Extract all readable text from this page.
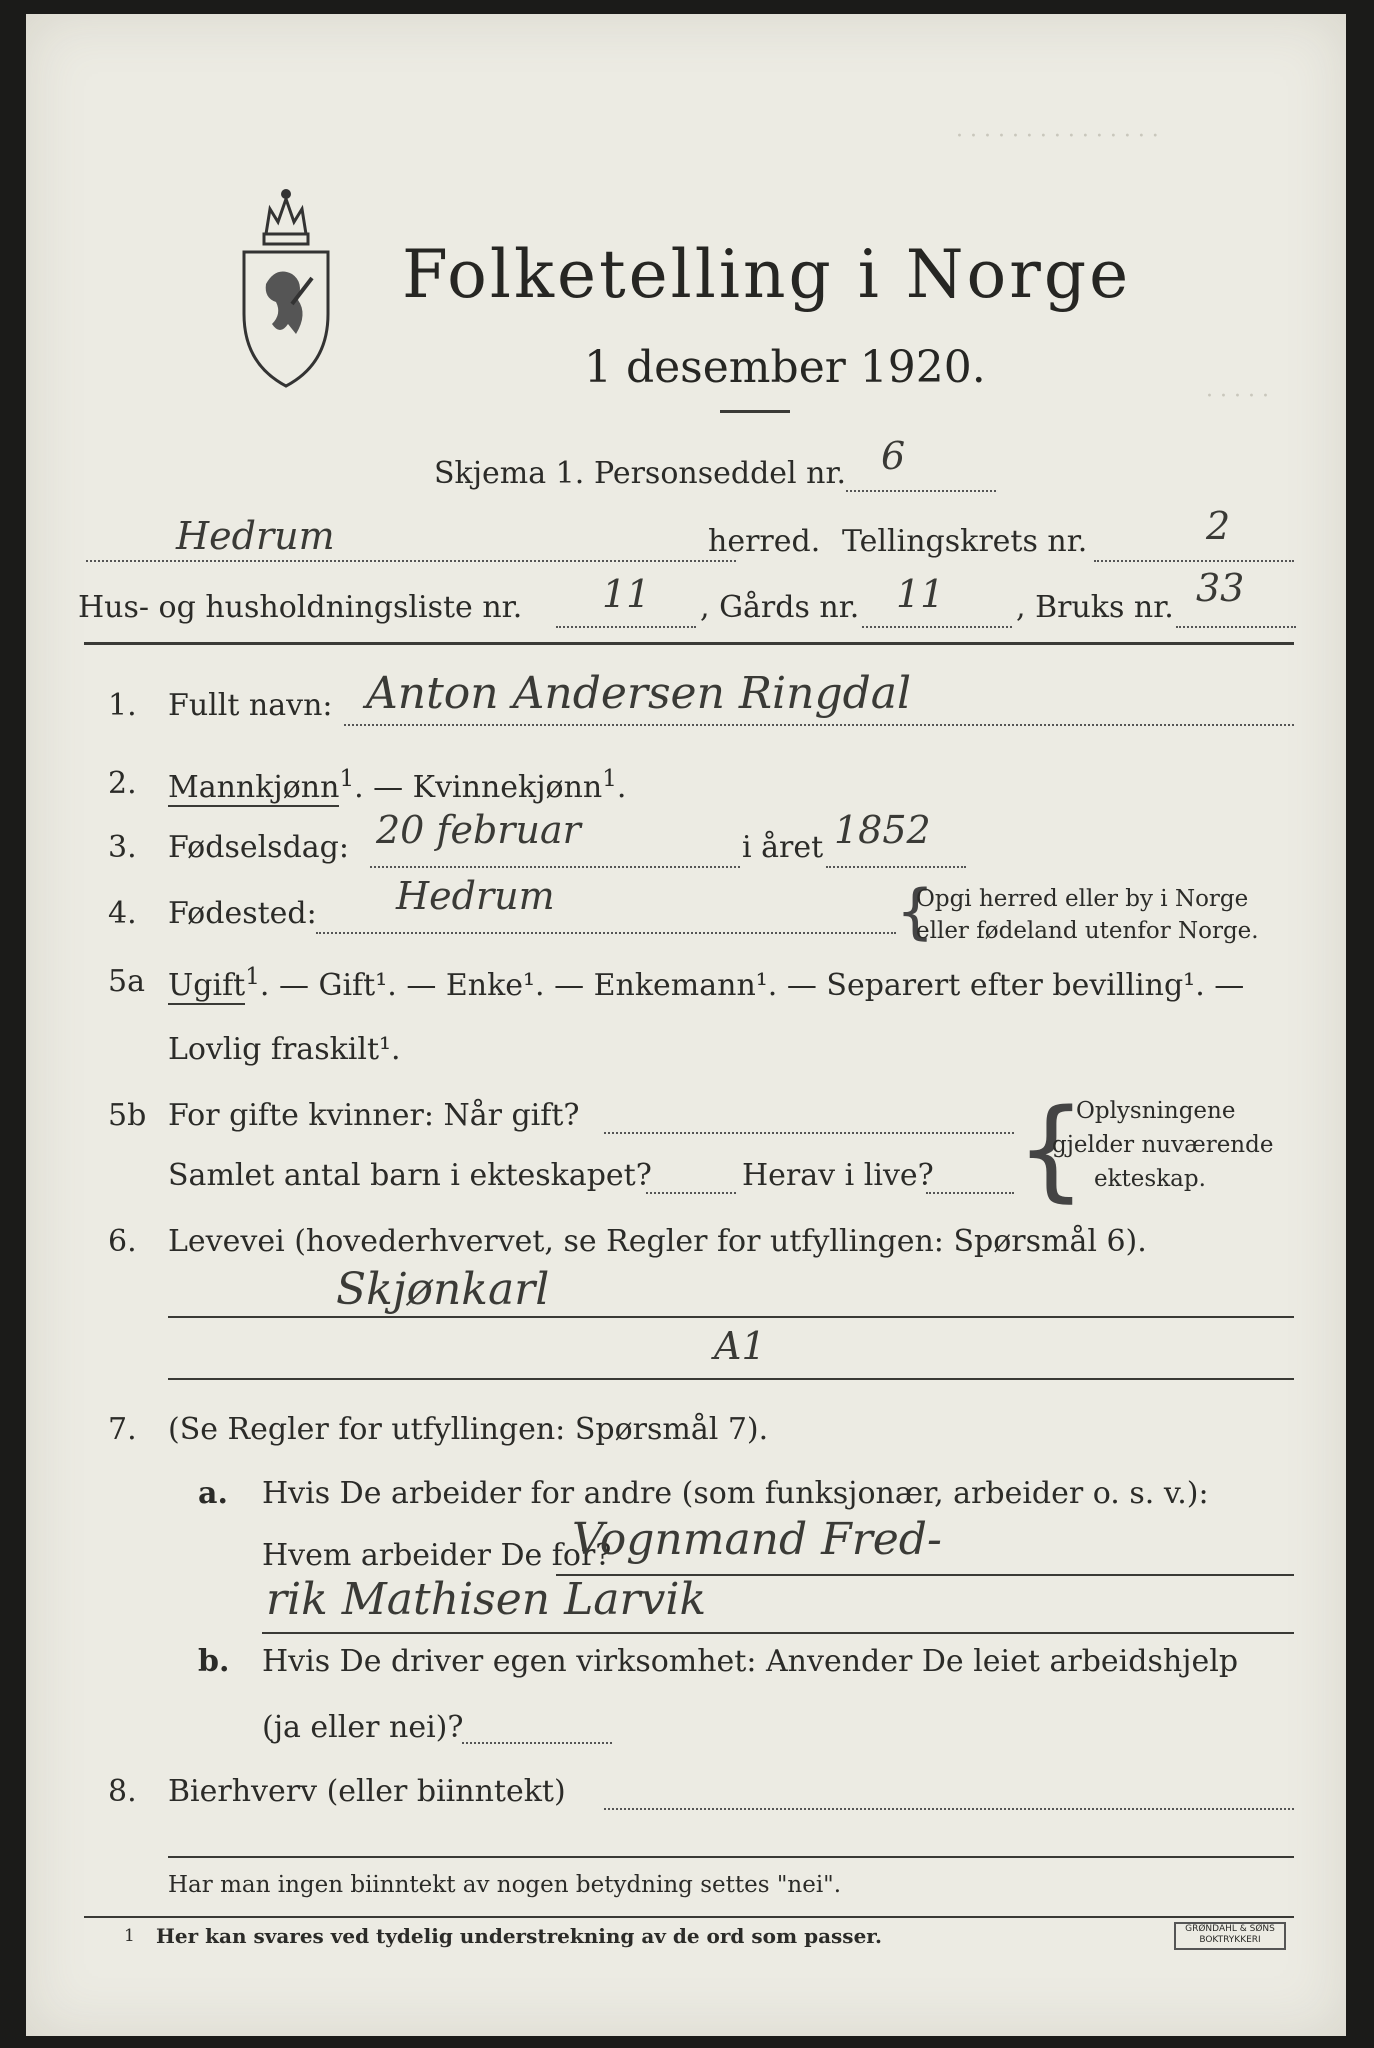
· · · · · · · · · · · · · · ·
· · · · ·
Folketelling i Norge
1 desember 1920.
Skjema 1. Personseddel nr. 6
Hedrum	herred. Tellingskrets nr.	2
Hus- og husholdningsliste nr. 11 , Gårds nr. 11 , Bruks nr. 33
1. Fullt navn: Anton Andersen Ringdal
2. Mannkjønn$^1$. — Kvinnekjønn$^1$.
3. Fødselsdag: 20 februar	i året 1852
4. Fødested: Hedrum	{
Opgi herred eller by i Norge
eller fødeland utenfor Norge.
5a Ugift$^1$. — Gift¹. — Enke¹. — Enkemann¹. — Separert efter bevilling¹. —
Lovlig fraskilt¹.
5b For gifte kvinner: Når gift?
Samlet antal barn i ekteskapet?	Herav i live? {
Oplysningene
gjelder nuværende
ekteskap.
6. Levevei (hovederhvervet, se Regler for utfyllingen: Spørsmål 6).
Skjønkarl
A1
7. (Se Regler for utfyllingen: Spørsmål 7).
a. Hvis De arbeider for andre (som funksjonær, arbeider o. s. v.):
Hvem arbeider De for?
Vognmand Fred-
rik Mathisen Larvik
b. Hvis De driver egen virksomhet: Anvender De leiet arbeidshjelp
(ja eller nei)?
8. Bierhverv (eller biinntekt)
Har man ingen biinntekt av nogen betydning settes "nei".
1 Her kan svares ved tydelig understrekning av de ord som passer.	GRØNDAHL & SØNS
BOKTRYKKERI
